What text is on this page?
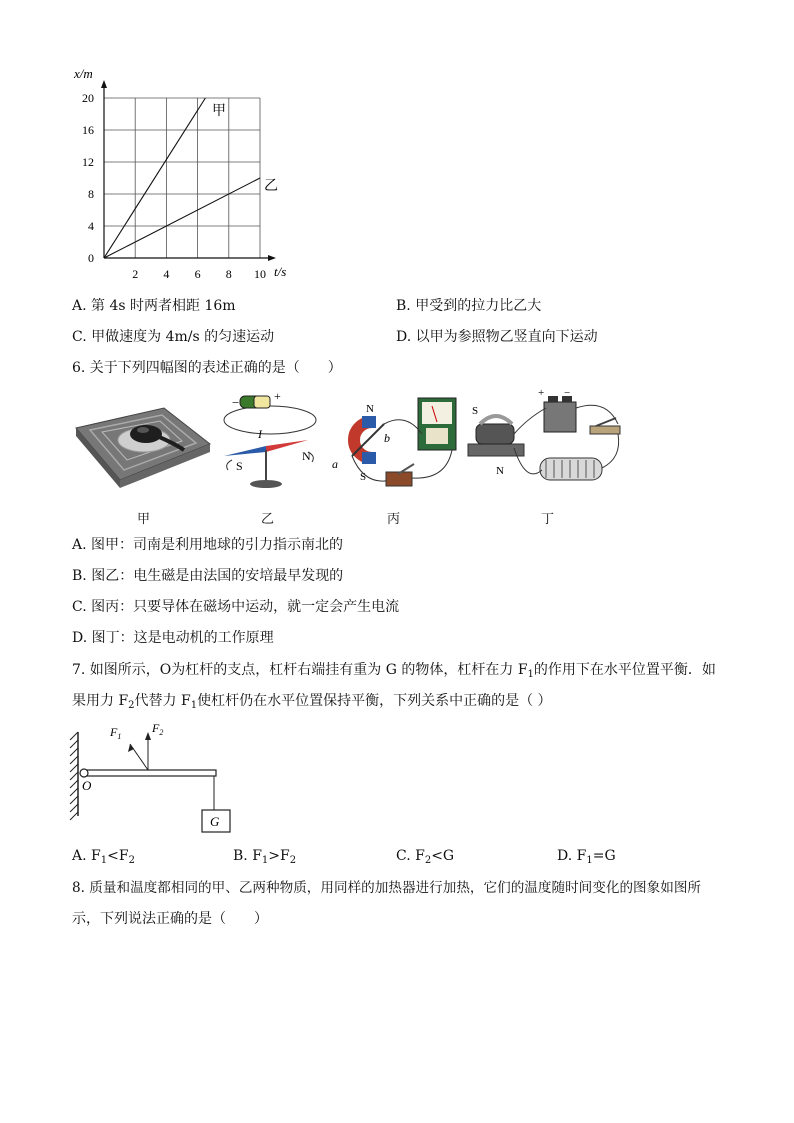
2 4 6 8 10
0
4
8
12
16
20
x/m
t/s
甲
乙
A. 第 4s 时两者相距 16m	B. 甲受到的拉力比乙大
C. 甲做速度为 4m/s 的匀速运动	D. 以甲为参照物乙竖直向下运动
6. 关于下列四幅图的表述正确的是（　　）
−	+
I
S
N
N
S
a
b
S
N
+ −
甲	乙	丙	丁
A. 图甲：司南是利用地球的引力指示南北的
B. 图乙：电生磁是由法国的安培最早发现的
C. 图丙：只要导体在磁场中运动，就一定会产生电流
D. 图丁：这是电动机的工作原理
7. 如图所示，O为杠杆的支点，杠杆右端挂有重为 G 的物体，杠杆在力 $F_1$的作用下在水平位置平衡．如
果用力 $F_2$代替力 $F_1$使杠杆仍在水平位置保持平衡，下列关系中正确的是（ ）
G
O
$F_1$
$F_2$
A. $F_1<F_2$	B. $F_1>F_2$	C. $F_2<G$	D. $F_1=G$
8. 质量和温度都相同的甲、乙两种物质，用同样的加热器进行加热，它们的温度随时间变化的图象如图所
示，下列说法正确的是（　　）
